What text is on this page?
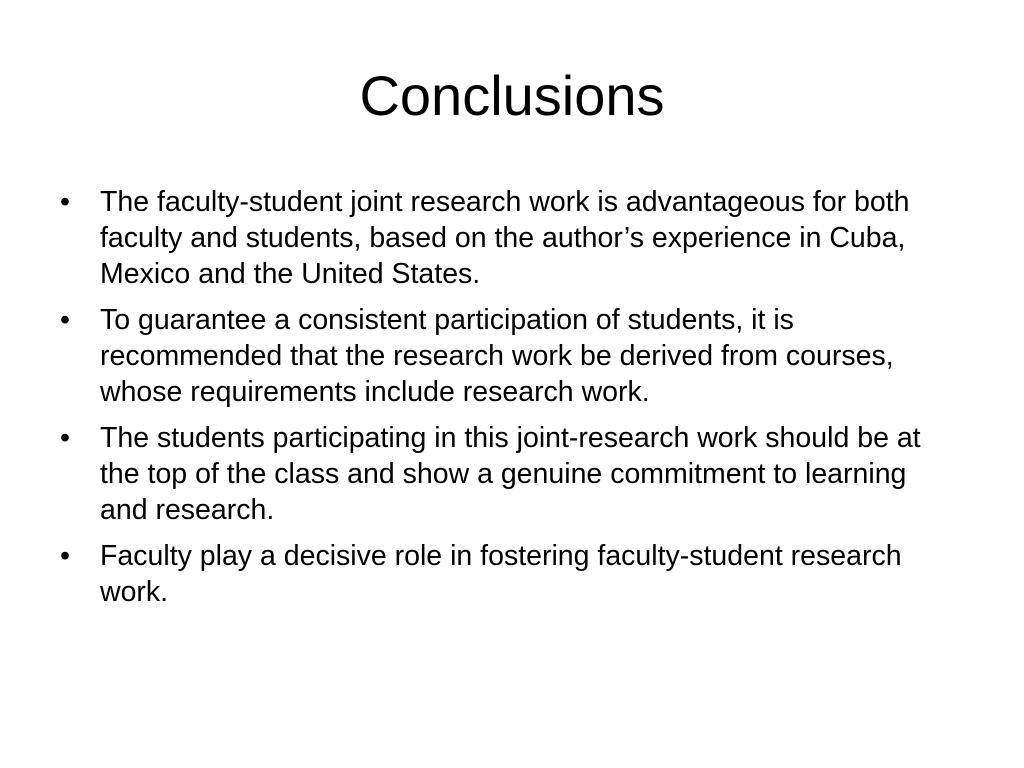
Conclusions
•	The faculty-student joint research work is advantageous for both faculty and students, based on the author’s experience in Cuba, Mexico and the United States.
•	To guarantee a consistent participation of students, it is recommended that the research work be derived from courses, whose requirements include research work.
•	The students participating in this joint-research work should be at the top of the class and show a genuine commitment to learning and research.
•	Faculty play a decisive role in fostering faculty-student research work.
